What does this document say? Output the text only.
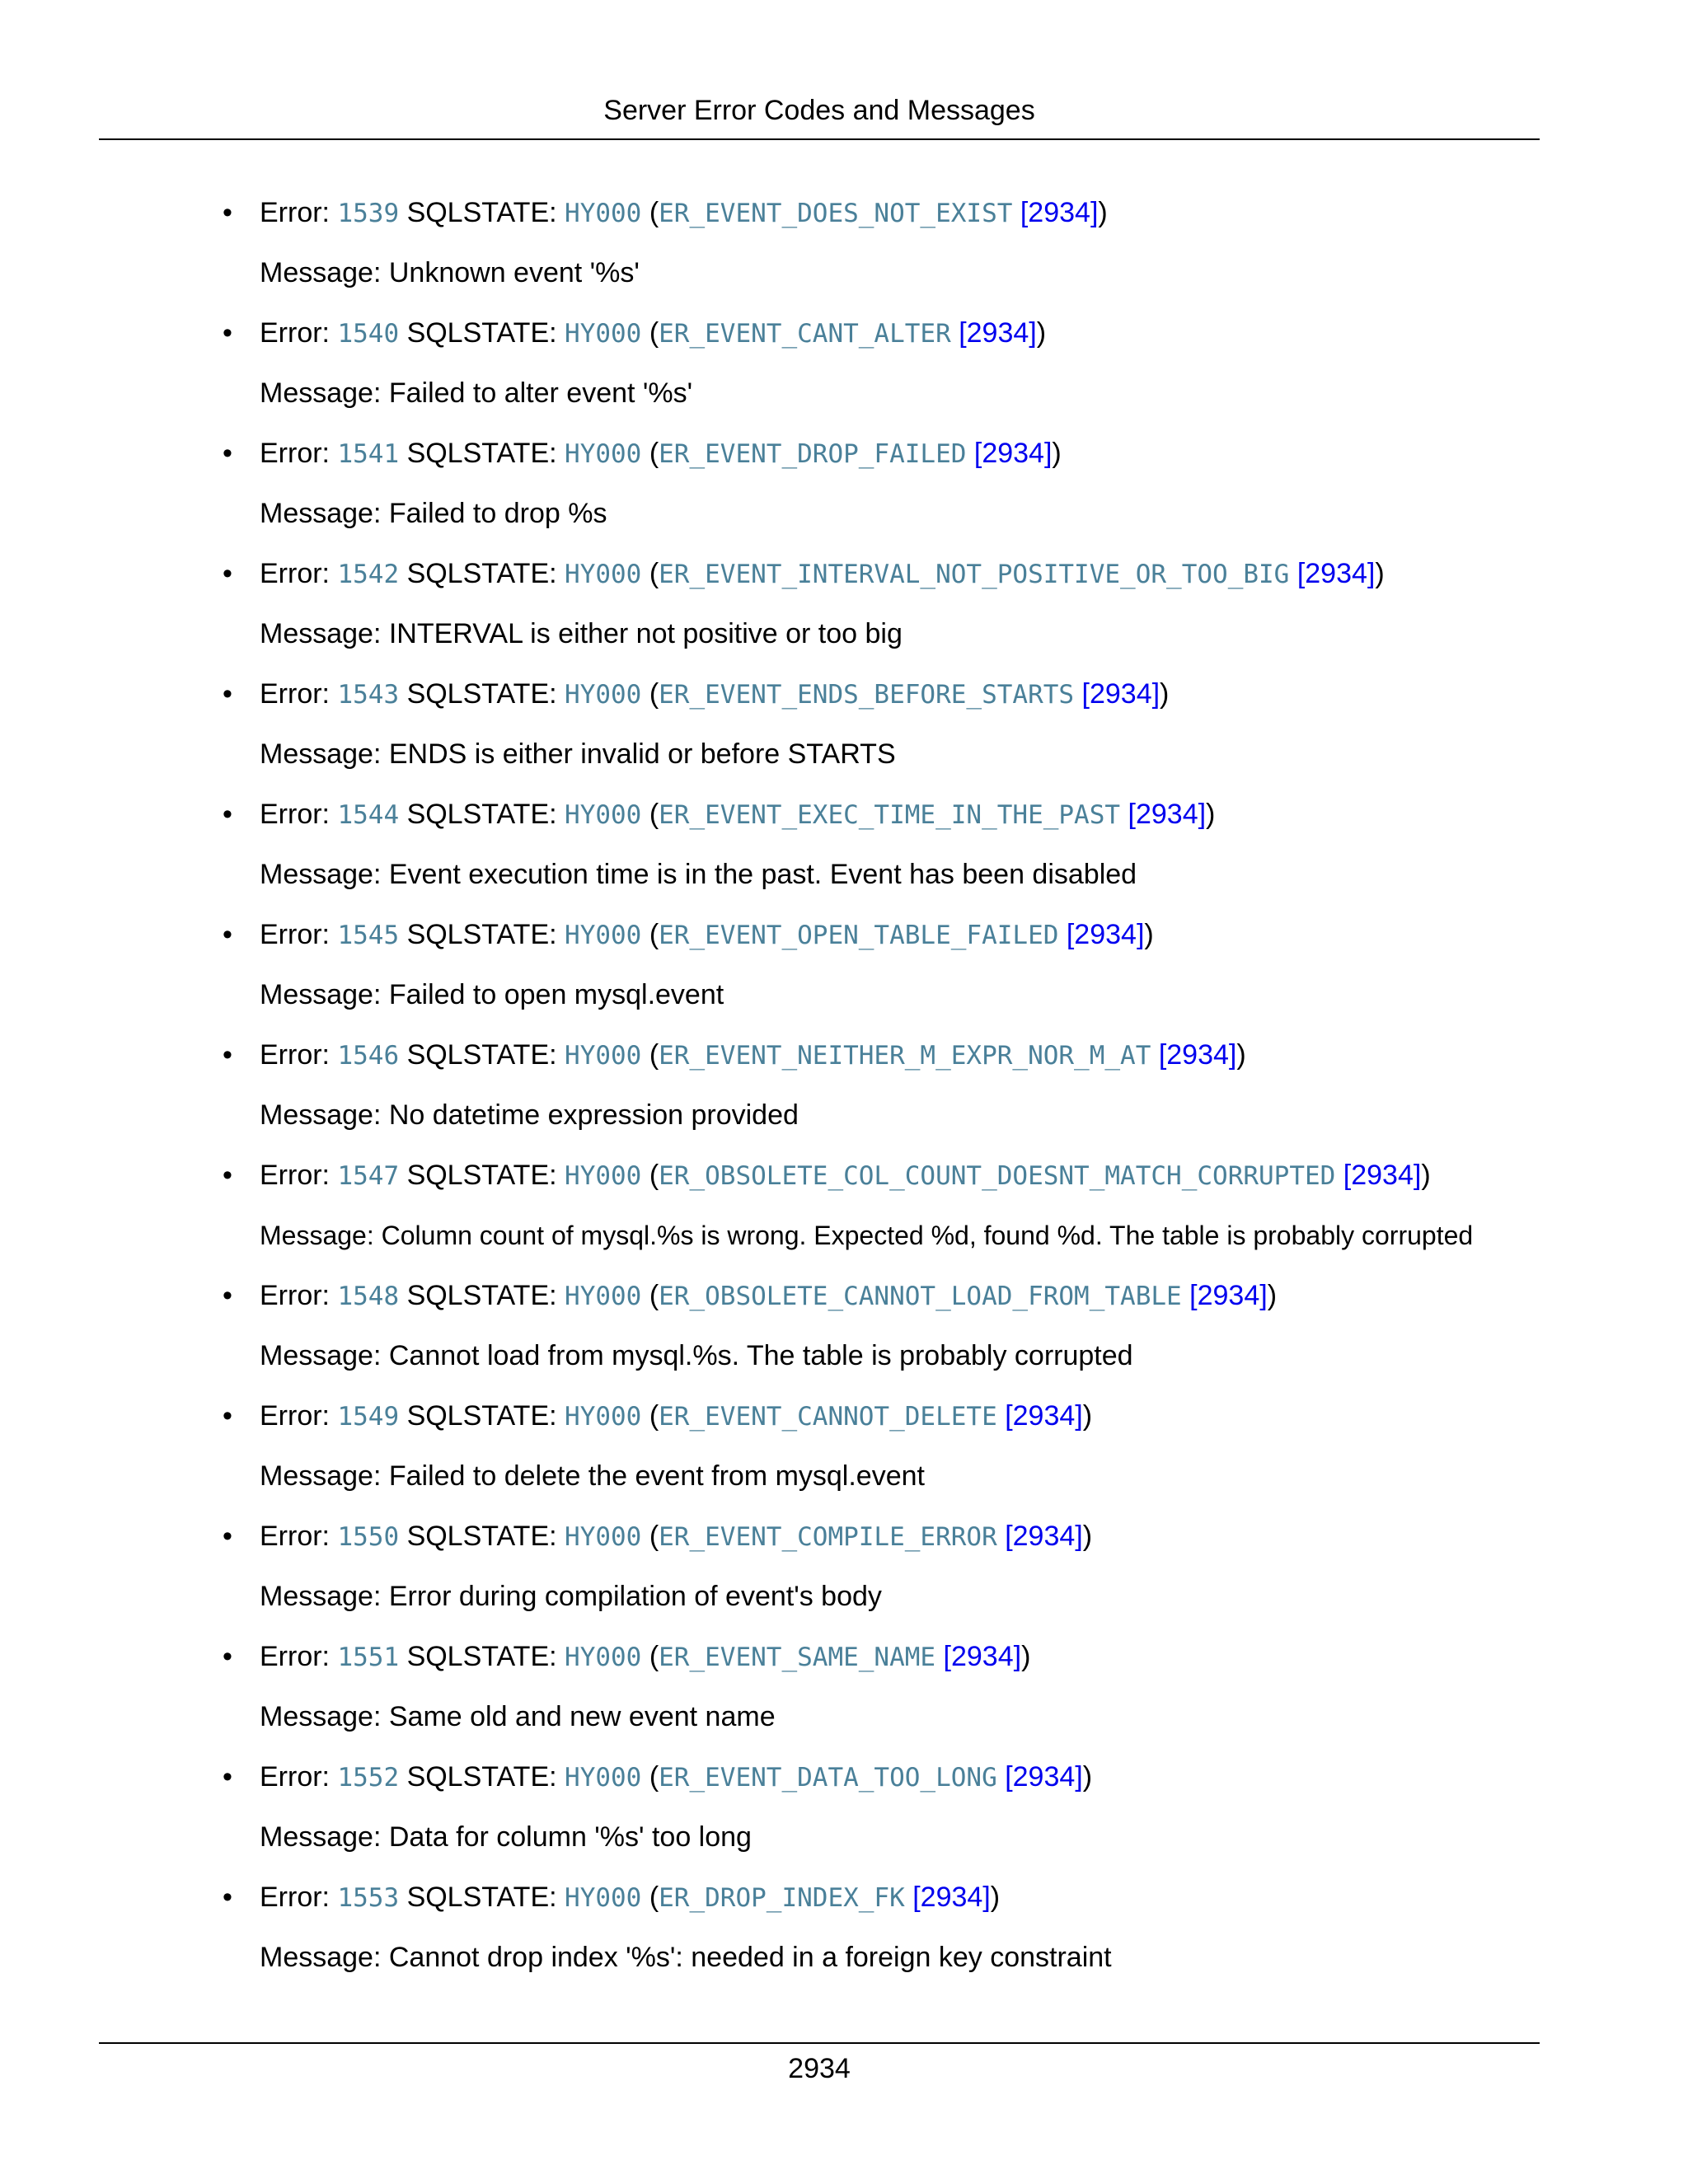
Server Error Codes and Messages
• Error: 1539 SQLSTATE: HY000 (ER_EVENT_DOES_NOT_EXIST [2934])
Message: Unknown event '%s'
• Error: 1540 SQLSTATE: HY000 (ER_EVENT_CANT_ALTER [2934])
Message: Failed to alter event '%s'
• Error: 1541 SQLSTATE: HY000 (ER_EVENT_DROP_FAILED [2934])
Message: Failed to drop %s
• Error: 1542 SQLSTATE: HY000 (ER_EVENT_INTERVAL_NOT_POSITIVE_OR_TOO_BIG [2934])
Message: INTERVAL is either not positive or too big
• Error: 1543 SQLSTATE: HY000 (ER_EVENT_ENDS_BEFORE_STARTS [2934])
Message: ENDS is either invalid or before STARTS
• Error: 1544 SQLSTATE: HY000 (ER_EVENT_EXEC_TIME_IN_THE_PAST [2934])
Message: Event execution time is in the past. Event has been disabled
• Error: 1545 SQLSTATE: HY000 (ER_EVENT_OPEN_TABLE_FAILED [2934])
Message: Failed to open mysql.event
• Error: 1546 SQLSTATE: HY000 (ER_EVENT_NEITHER_M_EXPR_NOR_M_AT [2934])
Message: No datetime expression provided
• Error: 1547 SQLSTATE: HY000 (ER_OBSOLETE_COL_COUNT_DOESNT_MATCH_CORRUPTED [2934])
Message: Column count of mysql.%s is wrong. Expected %d, found %d. The table is probably corrupted
• Error: 1548 SQLSTATE: HY000 (ER_OBSOLETE_CANNOT_LOAD_FROM_TABLE [2934])
Message: Cannot load from mysql.%s. The table is probably corrupted
• Error: 1549 SQLSTATE: HY000 (ER_EVENT_CANNOT_DELETE [2934])
Message: Failed to delete the event from mysql.event
• Error: 1550 SQLSTATE: HY000 (ER_EVENT_COMPILE_ERROR [2934])
Message: Error during compilation of event's body
• Error: 1551 SQLSTATE: HY000 (ER_EVENT_SAME_NAME [2934])
Message: Same old and new event name
• Error: 1552 SQLSTATE: HY000 (ER_EVENT_DATA_TOO_LONG [2934])
Message: Data for column '%s' too long
• Error: 1553 SQLSTATE: HY000 (ER_DROP_INDEX_FK [2934])
Message: Cannot drop index '%s': needed in a foreign key constraint
2934
